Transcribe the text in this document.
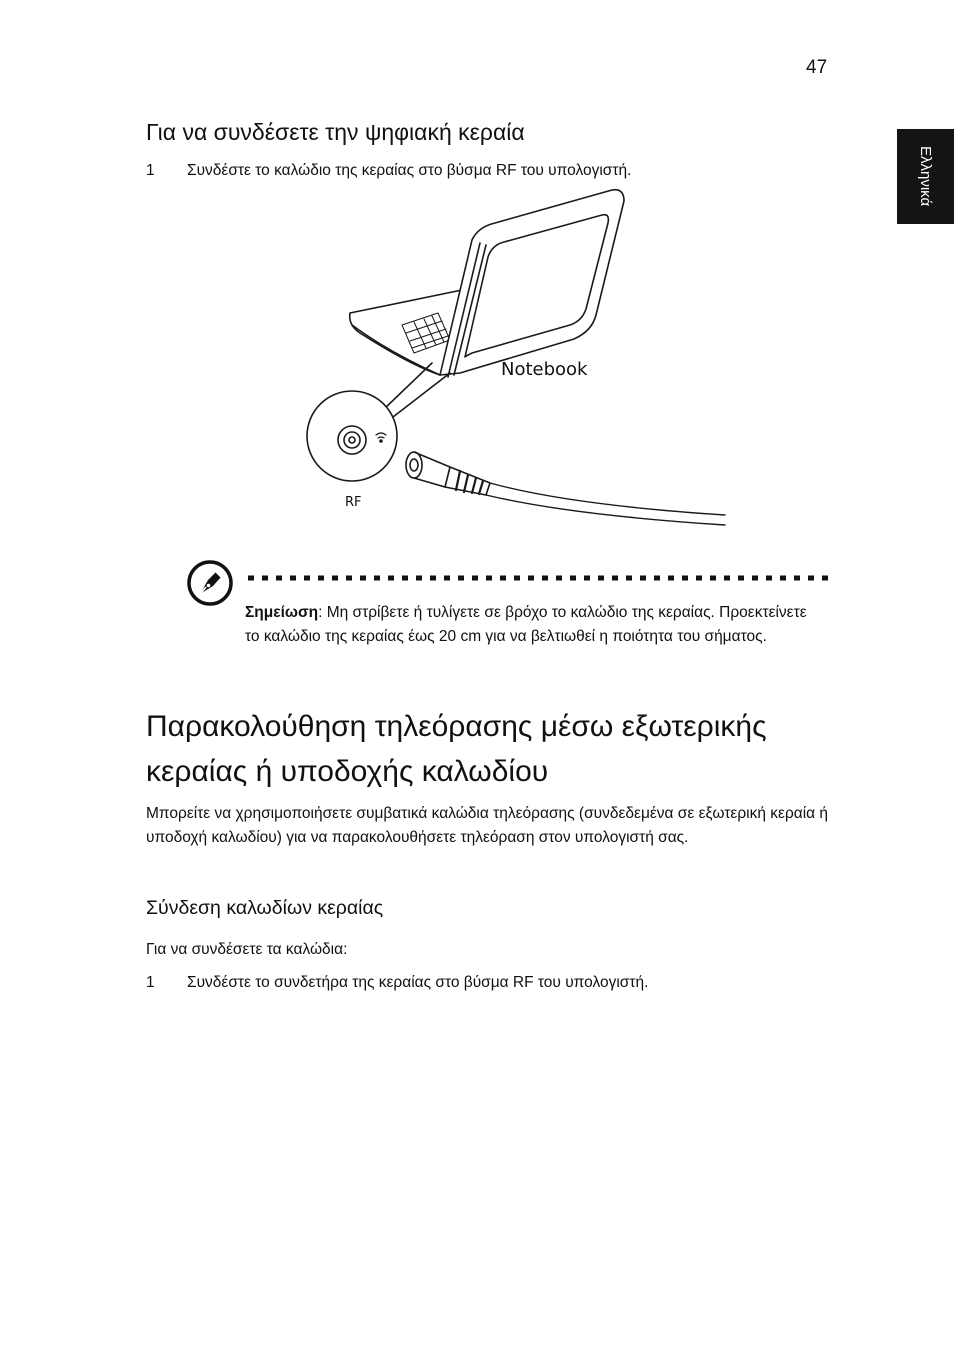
47
Ελληνικά
Για να συνδέσετε την ψηφιακή κεραία
1 Συνδέστε το καλώδιο της κεραίας στο βύσμα RF του υπολογιστή.
Notebook
RF
Σημείωση: Μη στρίβετε ή τυλίγετε σε βρόχο το καλώδιο της κεραίας. Προεκτείνετε το καλώδιο της κεραίας έως 20 cm για να βελτιωθεί η ποιότητα του σήματος.
Παρακολούθηση τηλεόρασης μέσω εξωτερικής κεραίας ή υποδοχής καλωδίου
Μπορείτε να χρησιμοποιήσετε συμβατικά καλώδια τηλεόρασης (συνδεδεμένα σε εξωτερική κεραία ή υποδοχή καλωδίου) για να παρακολουθήσετε τηλεόραση στον υπολογιστή σας.
Σύνδεση καλωδίων κεραίας
Για να συνδέσετε τα καλώδια:
1 Συνδέστε το συνδετήρα της κεραίας στο βύσμα RF του υπολογιστή.
